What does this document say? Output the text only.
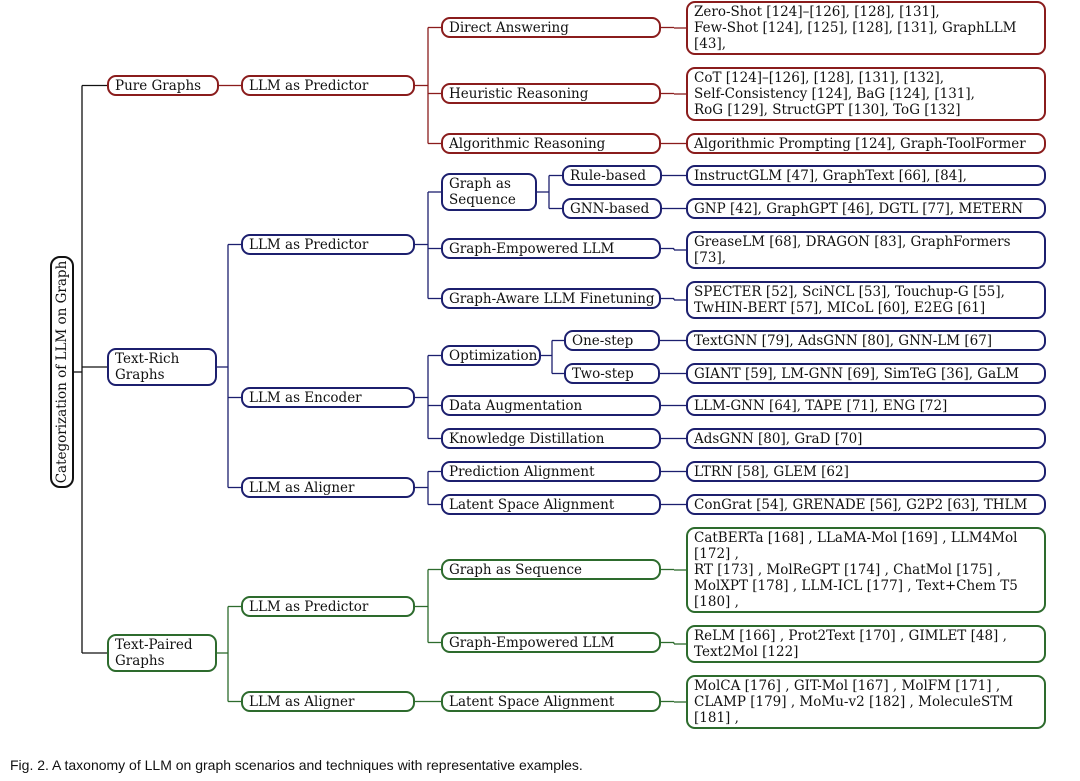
Categorization of LLM on Graph
Pure Graphs	LLM as Predictor
Direct Answering
Zero-Shot [124]–[126], [128], [131],
Few-Shot [124], [125], [128], [131], GraphLLM [43],

Heuristic Reasoning
CoT [124]–[126], [128], [131], [132],
Self-Consistency [124], BaG [124], [131],
RoG [129], StructGPT [130], ToG [132]
Algorithmic Reasoning	Algorithmic Prompting [124], Graph-ToolFormer
Text-Rich
Graphs
LLM as Predictor
Graph as
Sequence
Rule-based	InstructGLM [47], GraphText [66], [84],
GNN-based	GNP [42], GraphGPT [46], DGTL [77], METERN
Graph-Empowered LLM	GreaseLM [68], DRAGON [83], GraphFormers [73],

Graph-Aware LLM Finetuning	SPECTER [52], SciNCL [53], Touchup-G [55],
TwHIN-BERT [57], MICoL [60], E2EG [61]
LLM as Encoder
Optimization
One-step	TextGNN [79], AdsGNN [80], GNN-LM [67]
Two-step	GIANT [59], LM-GNN [69], SimTeG [36], GaLM
Data Augmentation	LLM-GNN [64], TAPE [71], ENG [72]
Knowledge Distillation	AdsGNN [80], GraD [70]
LLM as Aligner
Prediction Alignment	LTRN [58], GLEM [62]
Latent Space Alignment	ConGrat [54], GRENADE [56], G2P2 [63], THLM
Text-Paired
Graphs
LLM as Predictor
Graph as Sequence
CatBERTa [168] , LLaMA-Mol [169] , LLM4Mol [172] ,
RT [173] , MolReGPT [174] , ChatMol [175] ,
MolXPT [178] , LLM-ICL [177] , Text+Chem T5 [180] ,

Graph-Empowered LLM	ReLM [166] , Prot2Text [170] , GIMLET [48] ,
Text2Mol [122]
LLM as Aligner	Latent Space Alignment
MolCA [176] , GIT-Mol [167] , MolFM [171] ,
CLAMP [179] , MoMu-v2 [182] , MoleculeSTM [181] ,

Fig. 2. A taxonomy of LLM on graph scenarios and techniques with representative examples.
